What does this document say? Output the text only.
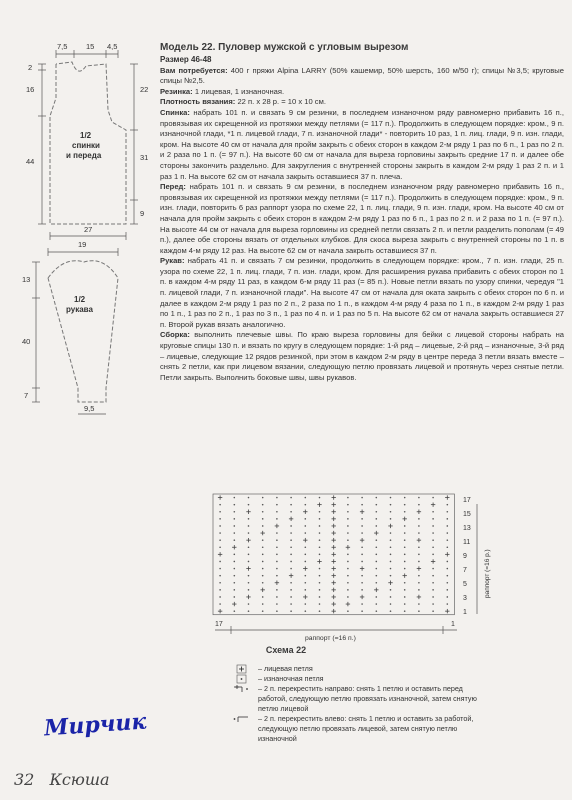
7,5 15 4,5
2
16
44
22
31
9
27
1/2
спинки
и переда
19
13
40
7
9,5
1/2
рукава
Модель 22. Пуловер мужской с угловым вырезом
Размер 46-48

Вам потребуется: 400 г пряжи Alpina LARRY (50% кашемир, 50% шерсть, 160 м/50 г); спицы №3,5; круговые спицы №2,5.

Резинка: 1 лицевая, 1 изнаночная.

Плотность вязания: 22 п. х 28 р. = 10 х 10 см.

Спинка: набрать 101 п. и связать 9 см резинки, в последнем изнаночном ряду равномерно прибавить 16 п., провязывая их скрещенной из протяжки между петлями (= 117 п.). Продолжить в следующем порядке: кром., 9 п. изнаночной глади, *1 п. лицевой глади, 7 п. изнаночной глади* - повторить 10 раз, 1 п. лиц. глади, 9 п. изн. глади, кром. На высоте 40 см от начала для пройм закрыть с обеих сторон в каждом 2-м ряду 1 раз по 6 п., 1 раз по 2 п. и 2 раза по 1 п. (= 97 п.). На высоте 60 см от начала для выреза горловины закрыть средние 17 п. и далее обе стороны закончить раздельно. Для закругления с внутренней стороны закрыть в каждом 2-м ряду 1 раз 2 п. и 1 раз 1 п. На высоте 62 см от начала закрыть оставшиеся 37 п. плеча.

Перед: набрать 101 п. и связать 9 см резинки, в последнем изнаночном ряду равномерно прибавить 16 п., провязывая их скрещенной из протяжки между петлями (= 117 п.). Продолжить в следующем порядке: кром., 9 п. изн. глади, повторить 6 раз раппорт узора по схеме 22, 1 п. лиц. глади, 9 п. изн. глади, кром. На высоте 40 см от начала для пройм закрыть с обеих сторон в каждом 2-м ряду 1 раз по 6 п., 1 раз по 2 п. и 2 раза по 1 п. (= 97 п.). На высоте 44 см от начала для выреза горловины из средней петли связать 2 п. и петли разделить пополам (= 49 п.), далее обе стороны вязать от отдельных клубков. Для скоса выреза закрыть с внутренней стороны по 1 п. в каждом 4-м ряду 12 раз. На высоте 62 см от начала закрыть оставшиеся 37 п.

Рукав: набрать 41 п. и связать 7 см резинки, продолжить в следующем порядке: кром., 7 п. изн. глади, 25 п. узора по схеме 22, 1 п. лиц. глади, 7 п. изн. глади, кром. Для расширения рукава прибавить с обеих сторон по 1 п. в каждом 4-м ряду 11 раз, в каждом 6-м ряду 11 раз (= 85 п.). Новые петли вязать по узору спинки, чередуя "1 п. лицевой глади, 7 п. изнаночной глади". На высоте 47 см от начала для оката закрыть с обеих сторон по 6 п. и далее в каждом 2-м ряду 1 раз по 2 п., 2 раза по 1 п., в каждом 4-м ряду 4 раза по 1 п., в каждом 2-м ряду 1 раз по 1 п., 1 раз по 2 п., 1 раз по 3 п., 1 раз по 4 п. и 1 раз по 5 п. На высоте 62 см от начала закрыть оставшиеся 27 п. Второй рукав вязать аналогично.

Сборка: выполнить плечевые швы. По краю выреза горловины для бейки с лицевой стороны набрать на круговые спицы 130 п. и вязать по кругу в следующем порядке: 1-й ряд – лицевые, 2-й ряд – изнаночные, 3-й ряд – лицевые, следующие 12 рядов резинкой, при этом в каждом 2-м ряду в центре переда 3 петли вязать вместе – снять 2 петли, как при лицевом вязании, следующую петлю провязать лицевой и протянуть через снятые петли. Петли закрыть. Выполнить боковые швы, швы рукавов.

17
15
13
11
9
7
5
3
1
раппорт (=16 р.)
17	1
раппорт (=16 п.)
Схема 22
– лицевая петля
– изнаночная петля
– 2 п. перекрестить направо: снять 1 петлю и оставить перед работой, следующую петлю провязать изнаночной, затем снятую петлю лицевой
– 2 п. перекрестить влево: снять 1 петлю и оставить за работой, следующую петлю провязать лицевой, затем снятую петлю изнаночной
Мирчик
32 Ксюша
